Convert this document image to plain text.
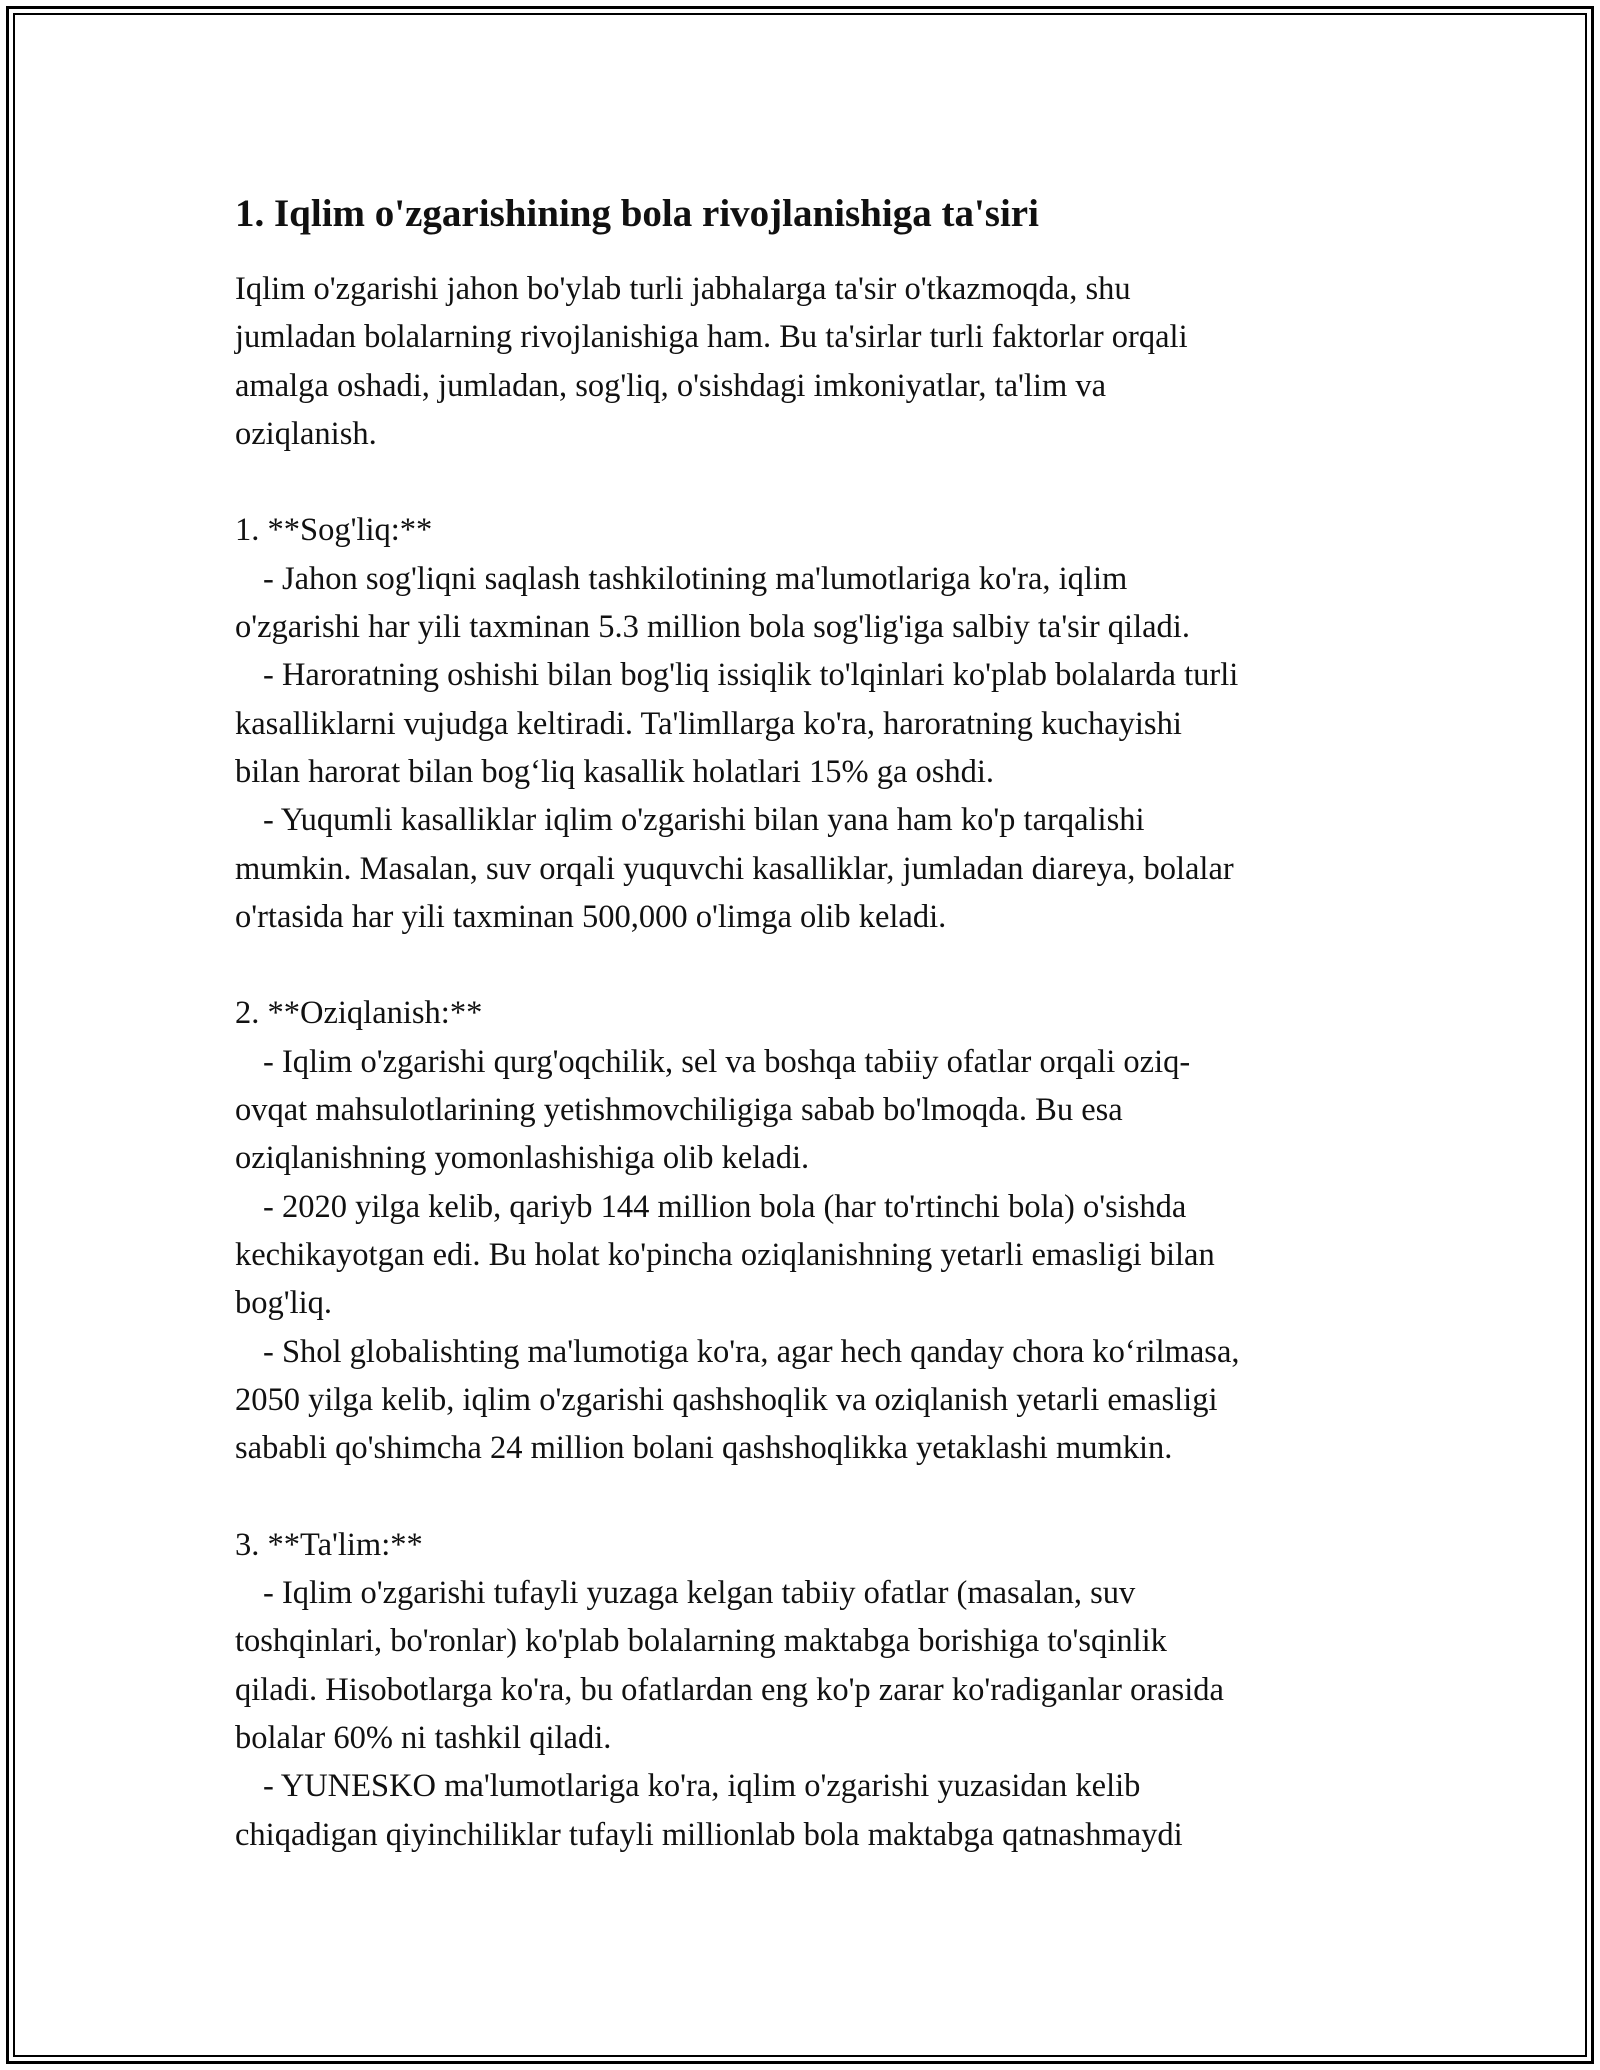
1. Iqlim o'zgarishining bola rivojlanishiga ta'siri
Iqlim o'zgarishi jahon bo'ylab turli jabhalarga ta'sir o'tkazmoqda, shu
jumladan bolalarning rivojlanishiga ham. Bu ta'sirlar turli faktorlar orqali
amalga oshadi, jumladan, sog'liq, o'sishdagi imkoniyatlar, ta'lim va
oziqlanish.
1. **Sog'liq:**
- Jahon sog'liqni saqlash tashkilotining ma'lumotlariga ko'ra, iqlim
o'zgarishi har yili taxminan 5.3 million bola sog'lig'iga salbiy ta'sir qiladi.
- Haroratning oshishi bilan bog'liq issiqlik to'lqinlari ko'plab bolalarda turli
kasalliklarni vujudga keltiradi. Ta'limllarga ko'ra, haroratning kuchayishi
bilan harorat bilan bog‘liq kasallik holatlari 15% ga oshdi.
- Yuqumli kasalliklar iqlim o'zgarishi bilan yana ham ko'p tarqalishi
mumkin. Masalan, suv orqali yuquvchi kasalliklar, jumladan diareya, bolalar
o'rtasida har yili taxminan 500,000 o'limga olib keladi.
2. **Oziqlanish:**
- Iqlim o'zgarishi qurg'oqchilik, sel va boshqa tabiiy ofatlar orqali oziq-
ovqat mahsulotlarining yetishmovchiligiga sabab bo'lmoqda. Bu esa
oziqlanishning yomonlashishiga olib keladi.
- 2020 yilga kelib, qariyb 144 million bola (har to'rtinchi bola) o'sishda
kechikayotgan edi. Bu holat ko'pincha oziqlanishning yetarli emasligi bilan
bog'liq.
- Shol globalishting ma'lumotiga ko'ra, agar hech qanday chora ko‘rilmasa,
2050 yilga kelib, iqlim o'zgarishi qashshoqlik va oziqlanish yetarli emasligi
sababli qo'shimcha 24 million bolani qashshoqlikka yetaklashi mumkin.
3. **Ta'lim:**
- Iqlim o'zgarishi tufayli yuzaga kelgan tabiiy ofatlar (masalan, suv
toshqinlari, bo'ronlar) ko'plab bolalarning maktabga borishiga to'sqinlik
qiladi. Hisobotlarga ko'ra, bu ofatlardan eng ko'p zarar ko'radiganlar orasida
bolalar 60% ni tashkil qiladi.
- YUNESKO ma'lumotlariga ko'ra, iqlim o'zgarishi yuzasidan kelib
chiqadigan qiyinchiliklar tufayli millionlab bola maktabga qatnashmaydi
